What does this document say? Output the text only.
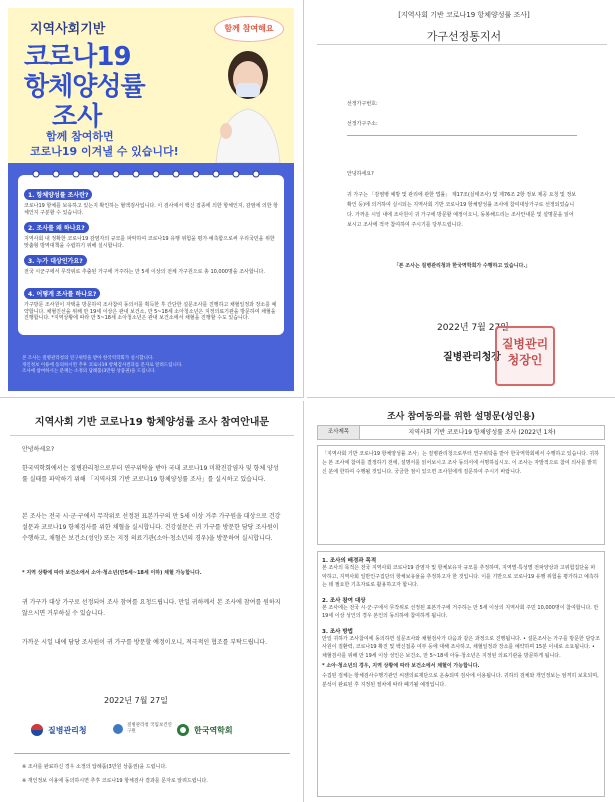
지역사회기반
코로나19
항체양성률
조사
함께 참여하면
코로나19 이겨낼 수 있습니다!
함께 참여해요
1. 항체양성률 조사란?
코로나19 항체를 보유하고 있는지 확인하는 혈액검사입니다. 이 검사에서 백신 접종에 의한 항체인지, 감염에 의한 항체인지 구분할 수 있습니다.
2. 조사를 왜 하나요?
지역사회 내 정확한 코로나19 감염자의 규모를 파악하여 코로나19 유행 위험을 평가·예측함으로써 우리국민을 위한 맞춤형 방역대책을 수립하기 위해 실시합니다.
3. 누가 대상인가요?
전국 시군구에서 무작위로 추출된 가구에 거주하는 만 5세 이상의 전체 가구원으로 총 10,000명을 조사합니다.
4. 어떻게 조사를 하나요?
가구방문 조사원이 자택을 방문하여 조사참여 동의서를 획득한 후 간단한 설문조사를 진행하고 채혈일정과 장소를 예약합니다. 채혈진선을 위해 만 19세 이상은 관내 보건소, 만 5~18세 소아청소년은 지정의료기관을 방문하여 채혈을 진행합니다. *지역상황에 따라 만 5~18세 소아청소년은 관내 보건소에서 채혈을 진행할 수도 있습니다.
본 조사는 질병관리청의 연구위탁을 받아 한국역학회가 실시합니다.
개인정보 이용에 동의하시면 추후 코로나19 항체검사결과를 문자로 알려드립니다.
조사에 참여하시는 분께는 소정의 답례품(3만원 상품권)을 드립니다.
[지역사회 기반 코로나19 항체양성률 조사]
가구선정통지서
선정가구번호:
선정가구주소:
안녕하세요?
귀 가구는 「감염병 예방 및 관리에 관한 법률」 제17조(실태조사) 및 제76조 2항 정보 제공 요청 및 정보 확인 등)에 의거하여 실시되는 지역사회 기반 코로나19 항체양성률 조사에 참여대상가구로 선정되었습니다. 가까운 시일 내에 조사원이 귀 가구에 방문할 예정이오니, 동봉해드리는 조사안내문 및 설명문을 읽어보시고 조사에 적극 참여하여 주시기를 당부드립니다.
「본 조사는 질병관리청과 한국역학회가 수행하고 있습니다.」
2022년 7월 27일
질병관리청장
질병관리청장인
지역사회 기반 코로나19 항체양성률 조사 참여안내문
안녕하세요?
한국역학회에서는 질병관리청으로부터 연구위탁을 받아 국내 코로나19 미확진감염자 및 항체 양성률 실태를 파악하기 위해 「지역사회 기반 코로나19 항체양성률 조사」를 실시하고 있습니다.
본 조사는 전국 시·군·구에서 무작위로 선정된 표본가구의 만 5세 이상 거주 가구원을 대상으로 건강설문과 코로나19 항체검사를 위한 채혈을 실시합니다. 건강설문은 귀 가구를 방문한 담당 조사원이 수행하고, 채혈은 보건소(성인) 또는 지정 의료기관(소아·청소년의 경우)을 방문하여 실시합니다.
* 지역 상황에 따라 보건소에서 소아·청소년(만5세~18세 이하) 채혈 가능합니다.
귀 가구가 대상 가구로 선정되어 조사 참여를 요청드립니다. 만일 귀하께서 본 조사에 참여를 원하지 않으시면 거부하실 수 있습니다.
가까운 시일 내에 담당 조사원이 귀 가구를 방문할 예정이오니, 적극적인 협조를 부탁드립니다.
2022년 7월 27일
질병관리청	질병관리청 국립보건연구원	한국역학회
※ 조사를 완료하신 경우 소정의 답례품(3만원 상품권)을 드립니다.
※ 개인정보 이용에 동의하시면 추후 코로나19 항체검사 결과를 문자로 알려드립니다.
조사 참여동의를 위한 설명문(성인용)
조사제목	지역사회 기반 코로나19 항체양성률 조사 (2022년 1차)
「지역사회 기반 코로나19 항체양성률 조사」는 질병관리청으로부터 연구위탁을 받아 한국역학회에서 수행하고 있습니다. 귀하는 본 조사에 참여를 결정하기 전에, 설명서를 읽어보시고 조사 동의서에 서명하십시오. 이 조사는 자발적으로 참여 의사를 밝히신 분에 한하여 수행될 것입니다. 궁금한 점이 있으면 조사원에게 질문하여 주시기 바랍니다.
1. 조사의 배경과 목적
본 조사의 목적은 전국 지역사회 코로나19 감염자 및 항체보유자 규모를 추정하며, 지역별·특성별 전파양상과 고위험집단을 파악하고, 지역사회 일반인구집단의 항체보유율을 추정하고자 한 것입니다. 이를 기반으로 코로나19 유행 위험을 평가하고 예측하는 데 필요한 기초자료로 활용하고자 합니다.
2. 조사 참여 대상
본 조사에는 전국 시·군·구에서 무작위로 선정된 표본가구에 거주하는 만 5세 이상의 지역사회 주민 10,000명이 참여합니다. 만 19세 이상 성인의 경우 본인의 동의하에 참여하게 됩니다.
3. 조사 방법
만일 귀하가 조사참여에 동의하면 설문조사와 채혈검사가 다음과 같은 과정으로 진행됩니다. • 설문조사는 가구를 방문한 담당조사원이 질환력, 코로나19 확진 및 백신접종 여부 등에 대해 조사하고, 채혈일정과 장소를 예약하며 15분 이내로 소요됩니다. • 채혈검사를 위해 만 19세 이상 성인은 보건소, 만 5~18세 아동·청소년은 지정된 의료기관을 방문하게 됩니다.
* 소아·청소년의 경우, 지역 상황에 따라 보건소에서 채혈이 가능합니다.
수집된 검체는 항체검사수행기관인 씨젠의료재단으로 운송되며 검사에 이용됩니다. 귀하의 검체와 개인정보는 엄격히 보호되며, 분석이 완료된 후 지정된 절차에 따라 폐기될 예정입니다.
